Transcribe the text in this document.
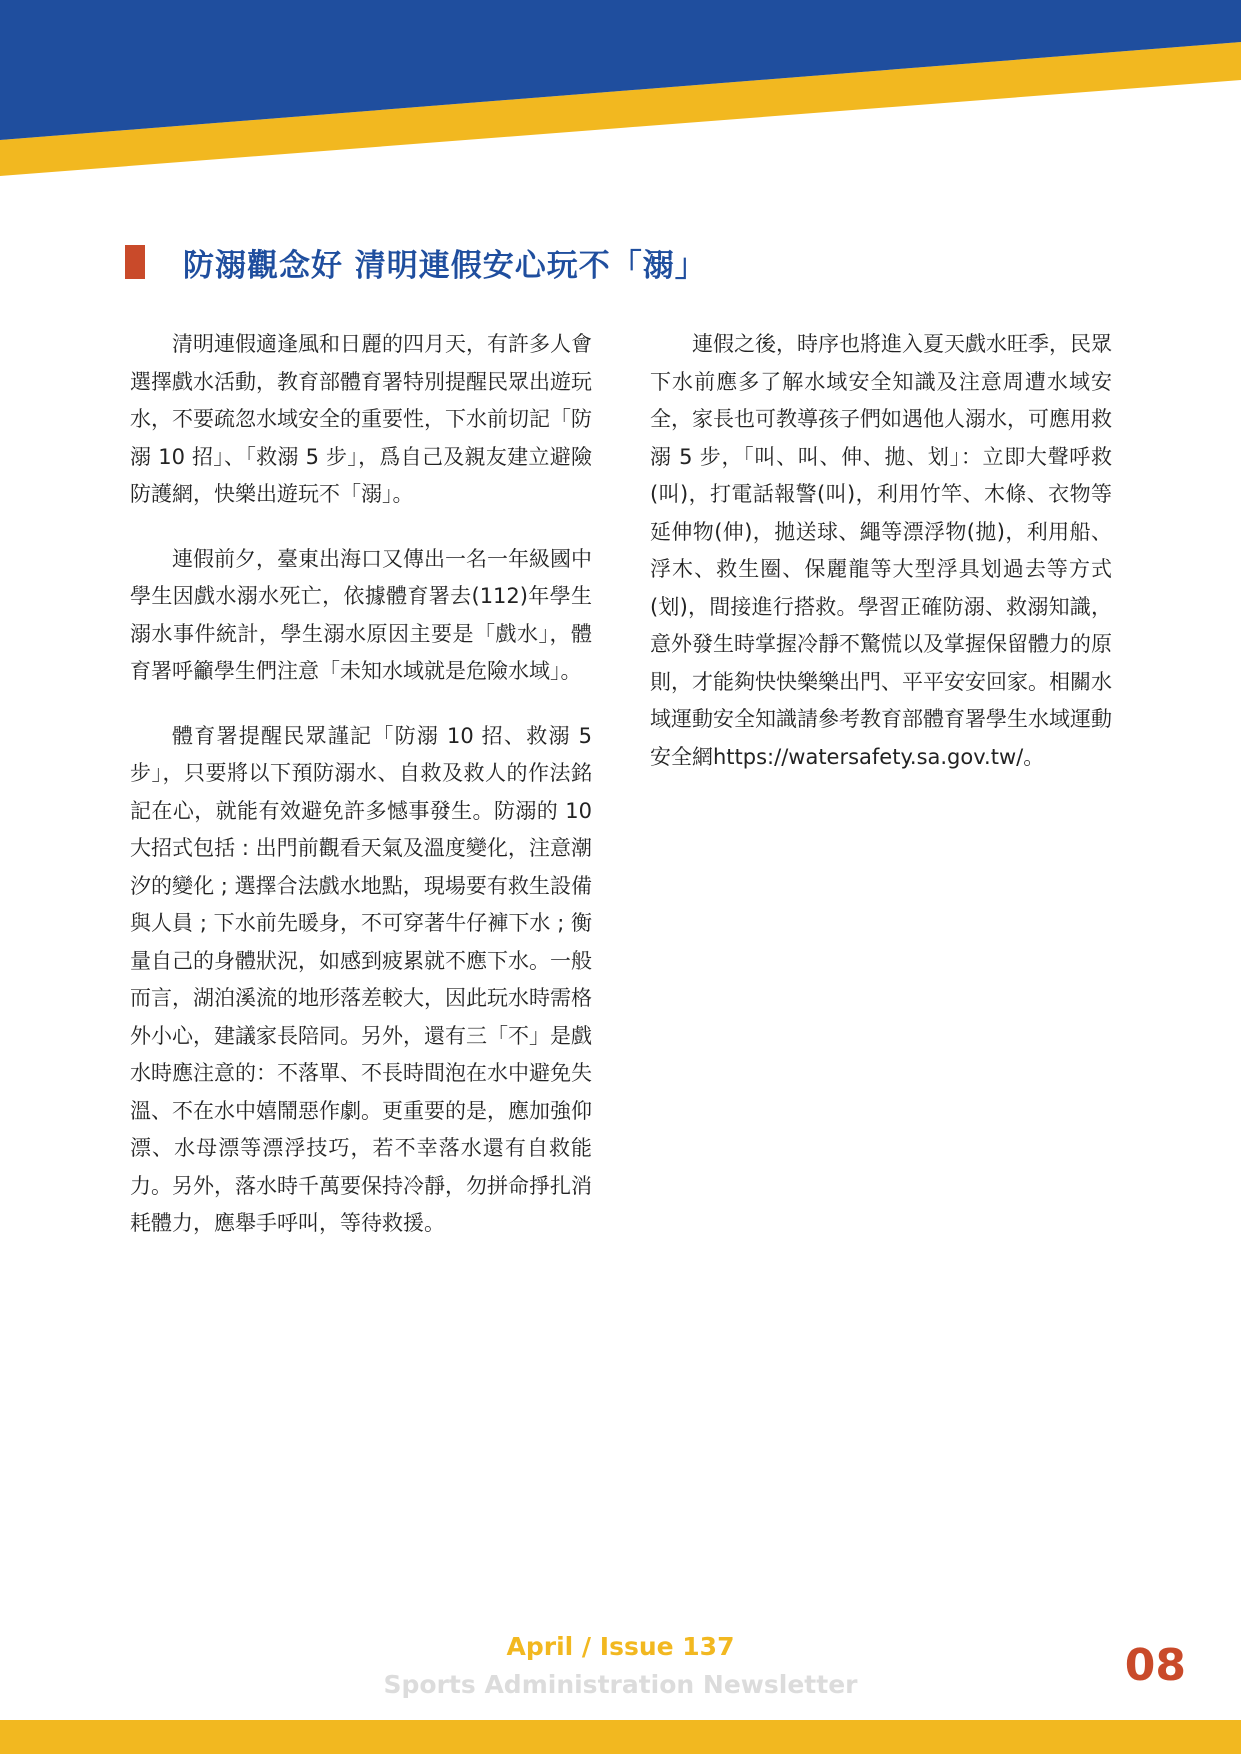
防溺觀念好 清明連假安心玩不「溺」

清明連假適逢風和日麗的四月天，有許多人會選擇戲水活動，教育部體育署特別提醒民眾出遊玩水，不要疏忽水域安全的重要性，下水前切記「防溺 10 招」、「救溺 5 步」，爲自己及親友建立避險防護網，快樂出遊玩不「溺」。

連假前夕，臺東出海口又傳出一名一年級國中學生因戲水溺水死亡，依據體育署去(112)年學生溺水事件統計，學生溺水原因主要是「戲水」，體育署呼籲學生們注意「未知水域就是危險水域」。

體育署提醒民眾謹記「防溺 10 招、救溺 5 步」，只要將以下預防溺水、自救及救人的作法銘記在心，就能有效避免許多憾事發生。防溺的 10 大招式包括 : 出門前觀看天氣及溫度變化，注意潮汐的變化 ; 選擇合法戲水地點，現場要有救生設備與人員 ; 下水前先暖身，不可穿著牛仔褲下水 ; 衡量自己的身體狀況，如感到疲累就不應下水。一般而言，湖泊溪流的地形落差較大，因此玩水時需格外小心，建議家長陪同。另外，還有三「不」是戲水時應注意的：不落單、不長時間泡在水中避免失溫、不在水中嬉鬧惡作劇。更重要的是，應加強仰漂、水母漂等漂浮技巧，若不幸落水還有自救能力。另外，落水時千萬要保持冷靜，勿拼命掙扎消耗體力，應舉手呼叫，等待救援。

連假之後，時序也將進入夏天戲水旺季，民眾下水前應多了解水域安全知識及注意周遭水域安全，家長也可教導孩子們如遇他人溺水，可應用救溺 5 步，「叫、叫、伸、拋、划」：立即大聲呼救(叫)，打電話報警(叫)，利用竹竿、木條、衣物等延伸物(伸)，拋送球、繩等漂浮物(拋)，利用船、浮木、救生圈、保麗龍等大型浮具划過去等方式(划)，間接進行搭救。學習正確防溺、救溺知識，意外發生時掌握冷靜不驚慌以及掌握保留體力的原則，才能夠快快樂樂出門、平平安安回家。相關水域運動安全知識請參考教育部體育署學生水域運動安全網https://watersafety.sa.gov.tw/。

April / Issue 137
Sports Administration Newsletter	08
